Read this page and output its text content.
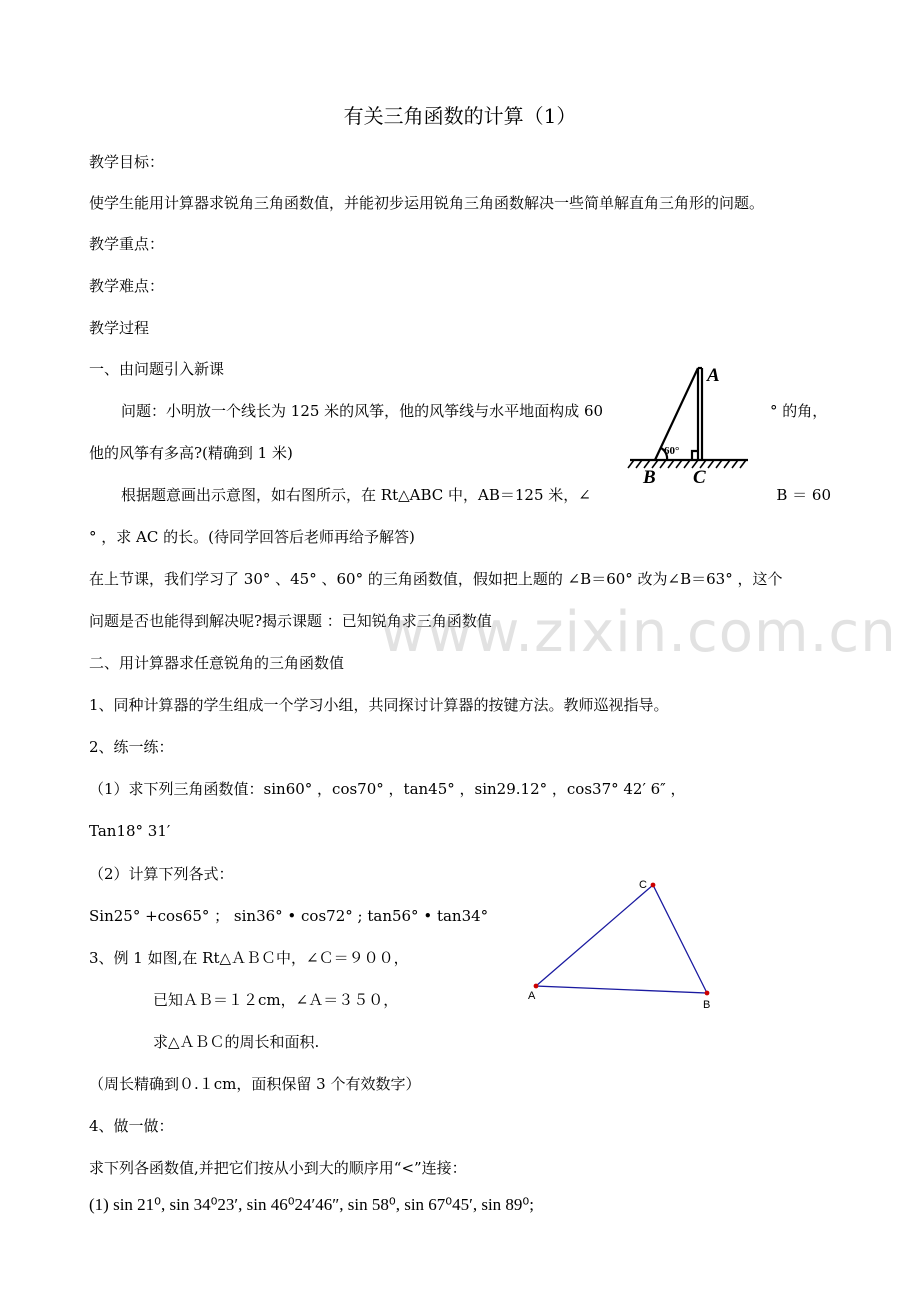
有关三角函数的计算（1）
教学目标：
使学生能用计算器求锐角三角函数值，并能初步运用锐角三角函数解决一些简单解直角三角形的问题。
教学重点：
教学难点：
教学过程
一、由问题引入新课
问题：小明放一个线长为 125 米的风筝，他的风筝线与水平地面构成 60	° 的角，
他的风筝有多高?(精确到 1 米)
根据题意画出示意图，如右图所示，在 Rt△ABC 中，AB＝125 米，∠	B ＝ 60
° ，求 AC 的长。(待同学回答后老师再给予解答)
在上节课，我们学习了 30° 、45° 、60° 的三角函数值，假如把上题的 ∠B＝60° 改为∠B＝63° ，这个
问题是否也能得到解决呢?揭示课题 ：已知锐角求三角函数值
www.zixin.com.cn
二、用计算器求任意锐角的三角函数值
1、同种计算器的学生组成一个学习小组，共同探讨计算器的按键方法。教师巡视指导。
2、练一练：
（1）求下列三角函数值：sin60° ，cos70° ，tan45° ，sin29.12° ，cos37° 42′ 6″ ，
Tan18° 31′
（2）计算下列各式：
Sin25° +cos65° ； sin36° • cos72° ; tan56° • tan34°
3、例 1 如图,在 Rt△ＡＢＣ中，∠Ｃ＝９００，
已知ＡＢ＝１２cm，∠Ａ＝３５０，
求△ＡＢＣ的周长和面积.
（周长精确到０.１cm，面积保留 3 个有效数字）
4、做一做：
求下列各函数值,并把它们按从小到大的顺序用“<”连接：
(1) sin 21⁰, sin 34⁰23′, sin 46⁰24′46″, sin 58⁰, sin 67⁰45′, sin 89⁰;
A
B C
60°
A
C
B
